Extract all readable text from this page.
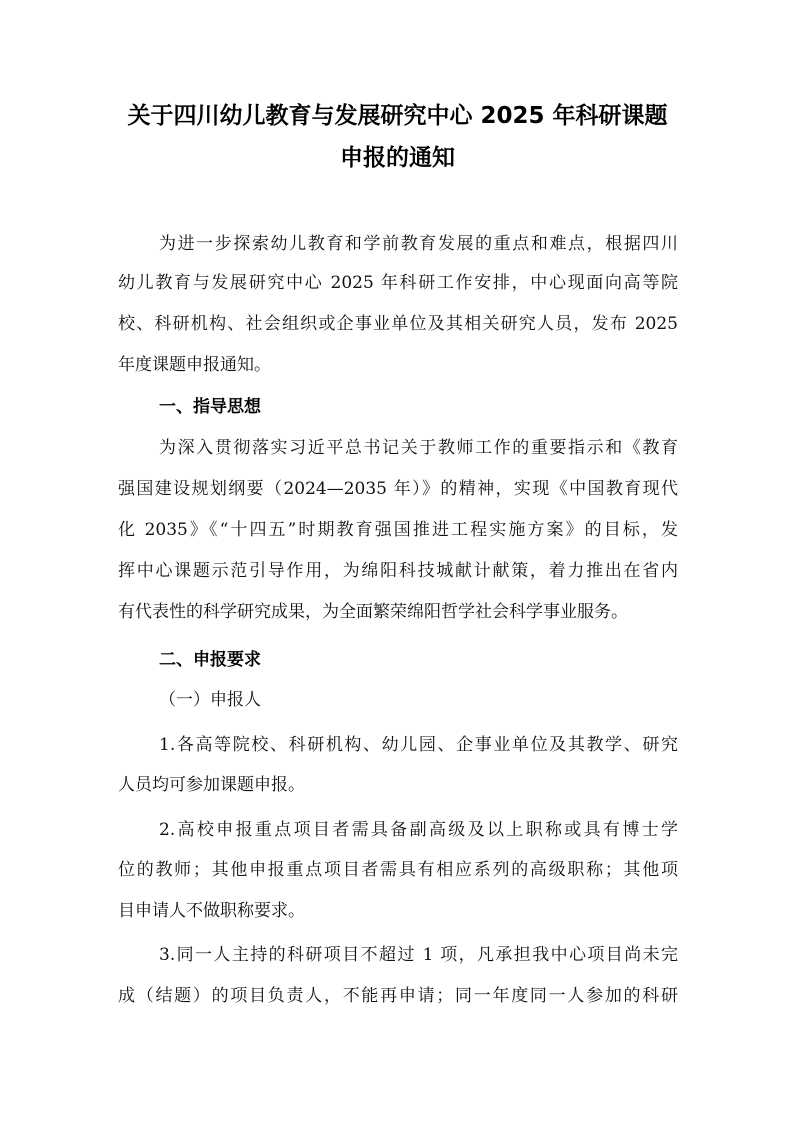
关于四川幼儿教育与发展研究中心 2025 年科研课题
申报的通知
为进一步探索幼儿教育和学前教育发展的重点和难点，根据四川
幼儿教育与发展研究中心 2025 年科研工作安排，中心现面向高等院
校、科研机构、社会组织或企事业单位及其相关研究人员，发布 2025
年度课题申报通知。
一、指导思想
为深入贯彻落实习近平总书记关于教师工作的重要指示和《教育
强国建设规划纲要（2024—2035 年）》的精神，实现《中国教育现代
化 2035》《“十四五”时期教育强国推进工程实施方案》的目标，发
挥中心课题示范引导作用，为绵阳科技城献计献策，着力推出在省内
有代表性的科学研究成果，为全面繁荣绵阳哲学社会科学事业服务。
二、申报要求
（一）申报人
1.各高等院校、科研机构、幼儿园、企事业单位及其教学、研究
人员均可参加课题申报。
2.高校申报重点项目者需具备副高级及以上职称或具有博士学
位的教师；其他申报重点项目者需具有相应系列的高级职称；其他项
目申请人不做职称要求。
3.同一人主持的科研项目不超过 1 项，凡承担我中心项目尚未完
成（结题）的项目负责人，不能再申请；同一年度同一人参加的科研
